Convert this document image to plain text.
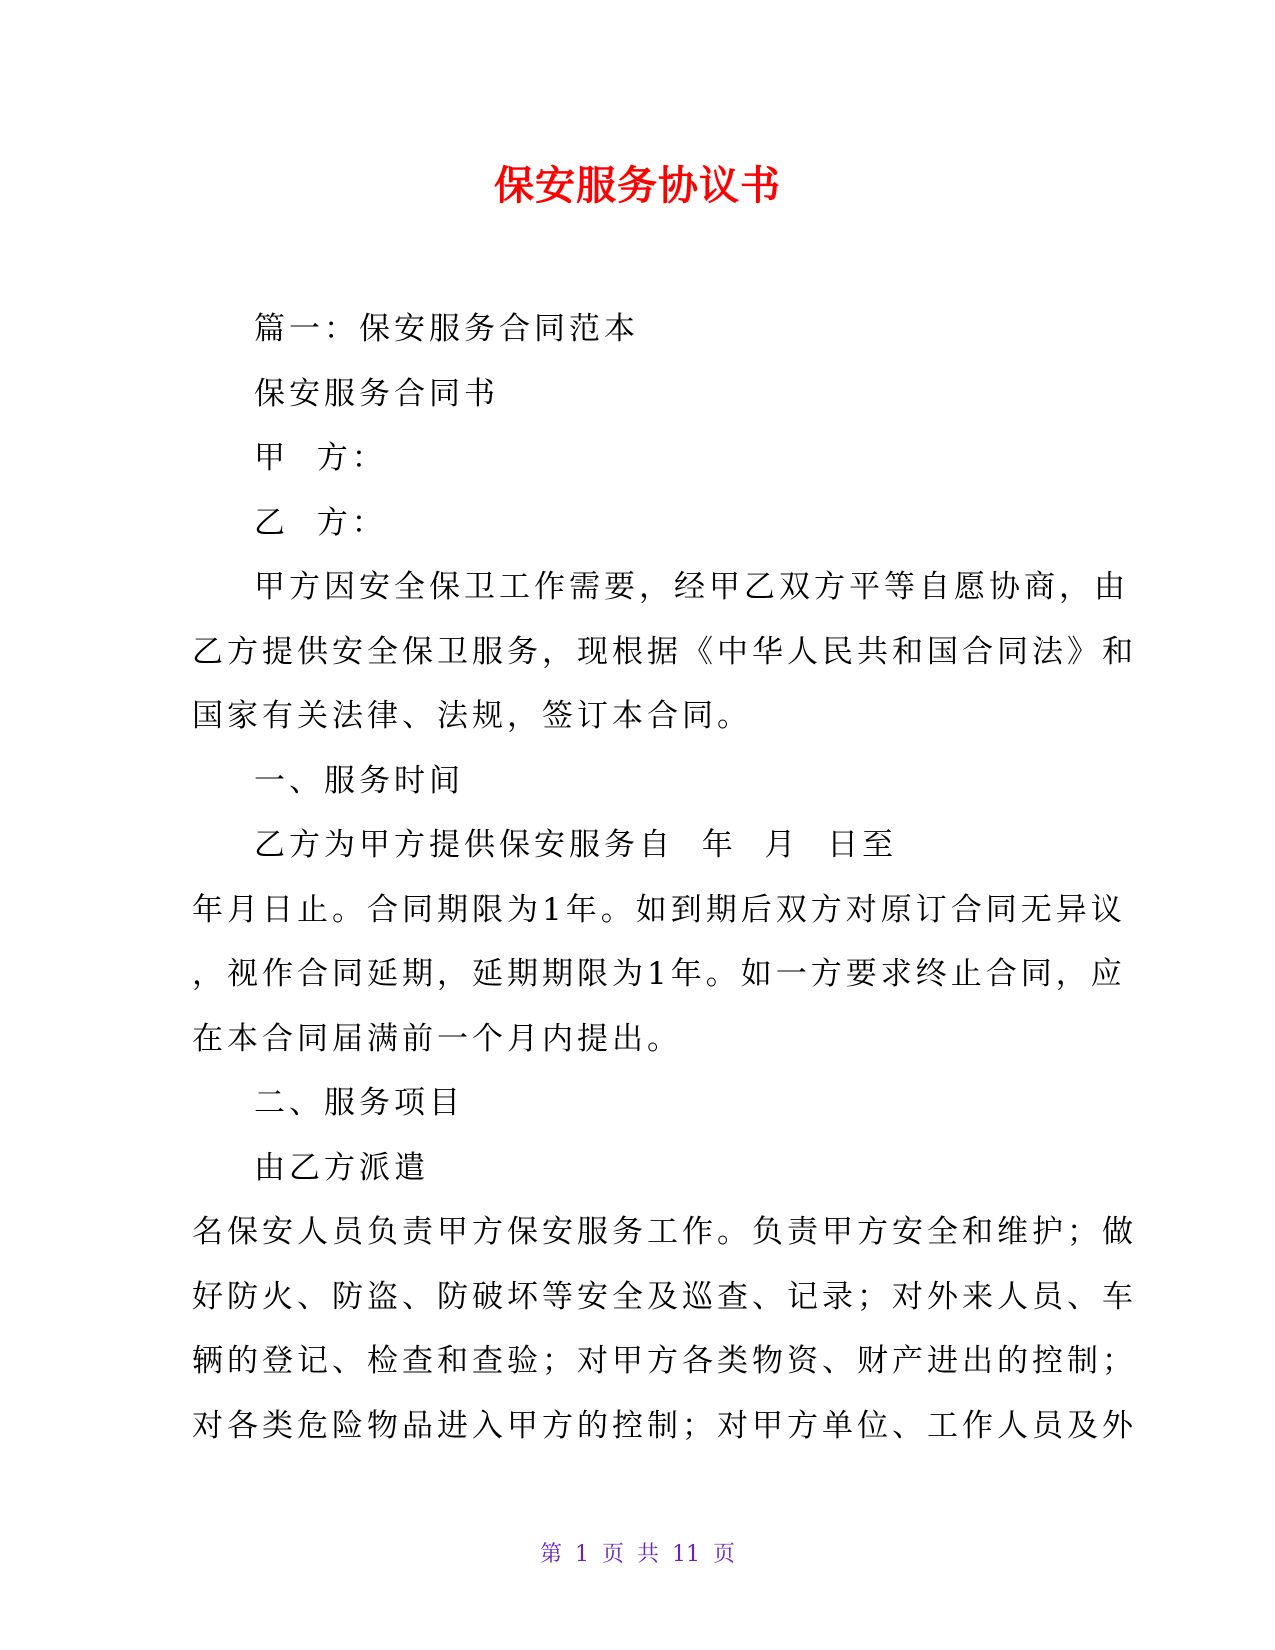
保安服务协议书
篇一：保安服务合同范本
保安服务合同书
甲  方：
乙  方：
甲方因安全保卫工作需要，经甲乙双方平等自愿协商，由
乙方提供安全保卫服务，现根据《中华人民共和国合同法》和
国家有关法律、法规，签订本合同。
一、服务时间
乙方为甲方提供保安服务自  年  月  日至
年月日止。合同期限为1年。如到期后双方对原订合同无异议
，视作合同延期，延期期限为1年。如一方要求终止合同，应
在本合同届满前一个月内提出。
二、服务项目
由乙方派遣
名保安人员负责甲方保安服务工作。负责甲方安全和维护；做
好防火、防盗、防破坏等安全及巡查、记录；对外来人员、车
辆的登记、检查和查验；对甲方各类物资、财产进出的控制；
对各类危险物品进入甲方的控制；对甲方单位、工作人员及外
第 1 页 共 11 页
